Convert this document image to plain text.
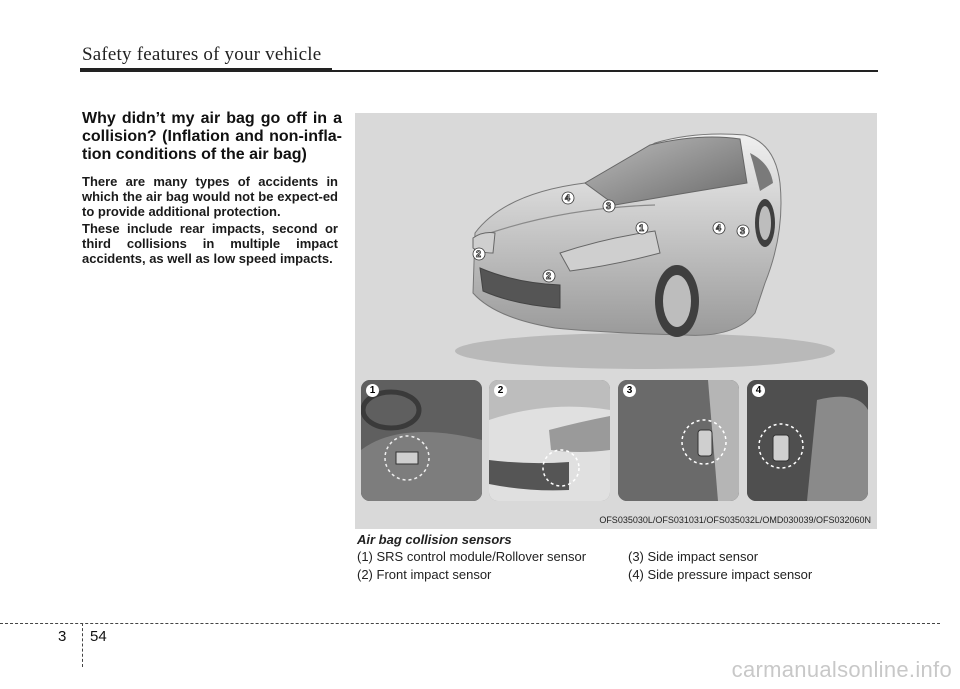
Safety features of your vehicle
Why didn’t my air bag go off in a collision? (Inflation and non-infla-tion conditions of the air bag)
There are many types of accidents in which the air bag would not be expect-ed to provide additional protection.
These include rear impacts, second or third collisions in multiple impact accidents, as well as low speed impacts.
4
3
1
2
2
4 3
1	2	3	4
OFS035030L/OFS031031/OFS035032L/OMD030039/OFS032060N
Air bag collision sensors
(1) SRS control module/Rollover sensor
(2) Front impact sensor
(3) Side impact sensor
(4) Side pressure impact sensor
3 54
carmanualsonline.info
